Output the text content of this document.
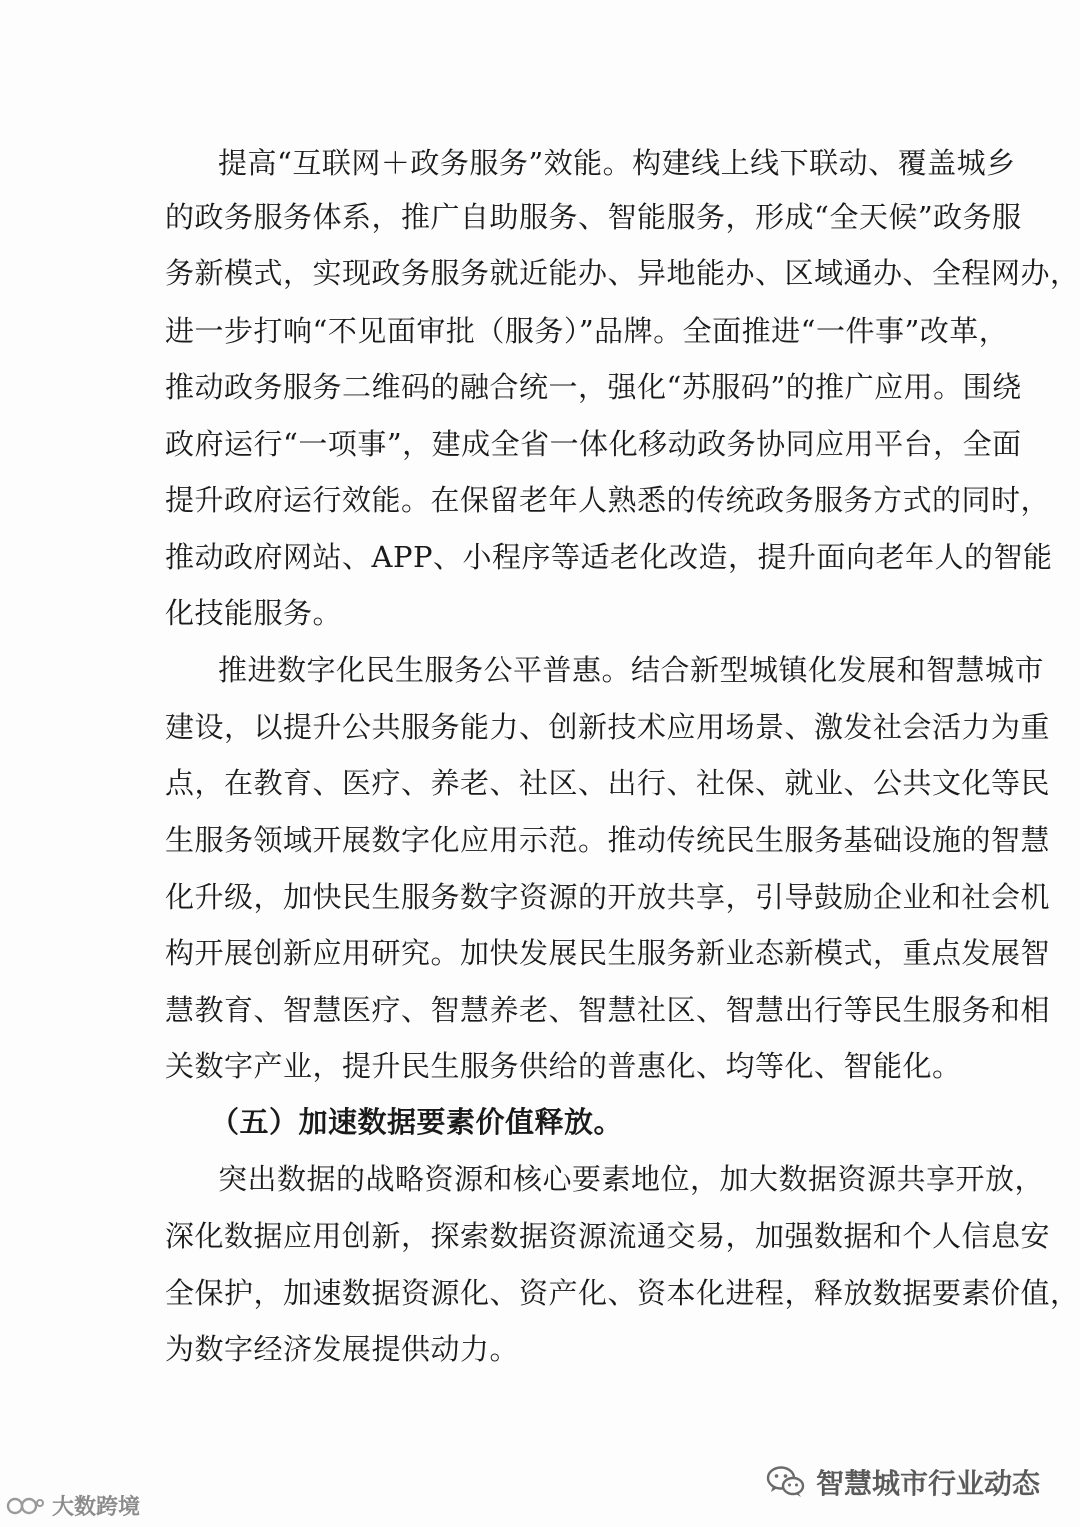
提高“互联网＋政务服务”效能。构建线上线下联动、覆盖城乡
的政务服务体系，推广自助服务、智能服务，形成“全天候”政务服
务新模式，实现政务服务就近能办、异地能办、区域通办、全程网办，
进一步打响“不见面审批（服务）”品牌。全面推进“一件事”改革，
推动政务服务二维码的融合统一，强化“苏服码”的推广应用。围绕
政府运行“一项事”，建成全省一体化移动政务协同应用平台，全面
提升政府运行效能。在保留老年人熟悉的传统政务服务方式的同时，
推动政府网站、APP、小程序等适老化改造，提升面向老年人的智能
化技能服务。
推进数字化民生服务公平普惠。结合新型城镇化发展和智慧城市
建设，以提升公共服务能力、创新技术应用场景、激发社会活力为重
点，在教育、医疗、养老、社区、出行、社保、就业、公共文化等民
生服务领域开展数字化应用示范。推动传统民生服务基础设施的智慧
化升级，加快民生服务数字资源的开放共享，引导鼓励企业和社会机
构开展创新应用研究。加快发展民生服务新业态新模式，重点发展智
慧教育、智慧医疗、智慧养老、智慧社区、智慧出行等民生服务和相
关数字产业，提升民生服务供给的普惠化、均等化、智能化。
（五）加速数据要素价值释放。
突出数据的战略资源和核心要素地位，加大数据资源共享开放，
深化数据应用创新，探索数据资源流通交易，加强数据和个人信息安
全保护，加速数据资源化、资产化、资本化进程，释放数据要素价值，
为数字经济发展提供动力。
智慧城市行业动态
大数跨境
